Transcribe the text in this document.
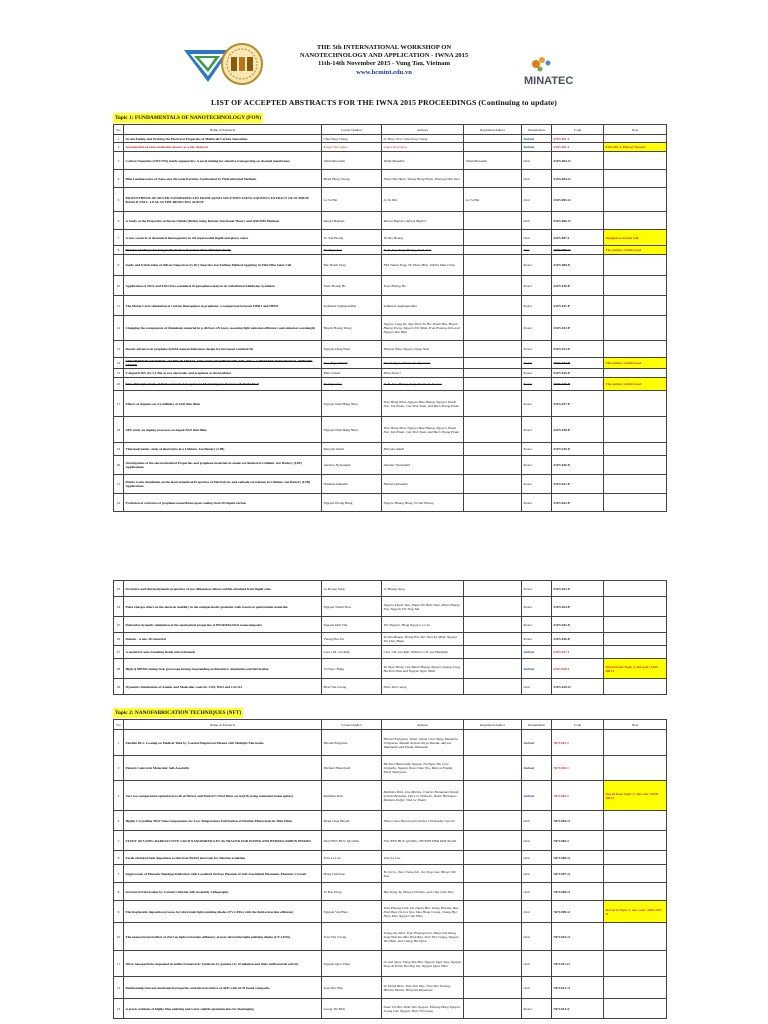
THE 5th INTERNATIONAL WORKSHOP ON
NANOTECHNOLOGY AND APPLICATION - IWNA 2015
11th-14th November 2015 - Vung Tau, Vietnam
www.hcmint.edu.vn
MINATEC
LIST OF ACCEPTED ABSTRACTS FOR THE IWNA 2015 PROCEEDINGS (Continuing to update)
Topic 1: FUNDAMENTALS OF NANOTECHNOLOGY (FON)
No	Name of Abstracts	Contact Author	Authors	Registered Author	Presentation	Code	Note
1	In situ Tuning and Probing the Electrical Properties of Multiwall Carbon Nanotubes	Chia-Seng Chang	Li-Ting Chen, Chia-Seng Chang		Invited	FON-I01-I	
2	Investigation of nano-molecular motors as a bio- detector	Seigei Stavrogine	Seigei Stavrogine		Invited	FON-I02-I	FON-I02-I, Plenary Session
3	Carbon Nanotube (SWCNTs) inside aquaporins: A novel mining for selective transporting on channel membranes	Vahid Mosadeh	Vahid Mosadeh	Vahid Mosadeh	Oral	FON-003-O	
4	Blue Luminescence of Nano-size Zirconia Particles Synthesized by Hydrothermal Methods	Pham Hung Vuong	Pham Van Hoan, Vuong Hung Pham, Phuong Dinh Tam		Oral	FON-004-O	
5	BIOSYNTHESIS OF SILVER NANOPARTICLES FROM AgNO3 SOLUTION USING AQUEOUS EXTRACT OF OCIMUM BASILICUM L. LEAF AS THE REDUCING AGENT	Le Tu Hai	Le Tu Hai	Le Tu Hai	Oral	FON-005-O	
6	A Study of the Properties of Boron Nitride (BnNn) using Density functional Theory and QM/MM Methods	Rasoul Bagheri	Rasoul Bagheri, Afrooz Bigheri		Oral	FON-006-O	
7	A new scenario of dynamical heterogeneity in 2D supercooled liquid and glassy states	Vo Van Hoang	Vo Van Hoang		Oral	FON-007-I	changed to invited talk
8	Diol-based Alkyne for Oxygen Reduction Reaction: First-Principle Study	Do Ngoc Son	D. N. Son, N. Q. Hoang, D. D. Cao		Oral	FON-008-O	The authors withdrawed
9	Study and Fabrication of Silicon Nanowires by Dry Reactive Ion Etching Method Applying in Thin Film Solar Cell	Bui Thanh Tung	BUI Thanh Tung, TU Hoan Hien, DANG Mau Chien		Poster	FON-009-P	
10	Application of TiO2 and TiO2-Dye-sensitized Organophotocatalysts in Substituted Aldehydes Synthesis	Xuan Hoang Ho	Xuan Hoang Ho		Poster	FON-010-P	
11	The Monte Carlo simulation of various fluorophore in graphene: a comparison between HER1 and HER4	Seddasan Saghapandian	Seddasan Saghapandian		Poster	FON-011-P	
12	Changing the components of Aluminum material in p-Al2Ga1-xN layer, assessing light emission efficiency and emission wavelength	Huynh Hoang Trung	Nguyen Cong Ky, Ngo Dinh Tu Hu, Thanh Hai, Huynh Hoang Trung, Nguyen Thi Minh, Tran Phuong Linh and Nguyen Van Hieu		Poster	FON-012-P	
13	Recent advances in graphene hybrid nanoarchitectures design for increased conductivity	Nguyen Dang Nam	Mahesh Yoku, Nguyen Dang Nam		Poster	FON-013-P	
14	ADSORPTION OF NITRIC OXIDE IN METAL ORGANIC FRAMEWORK MIL-88Cr: A DENSITY FUNCTIONAL THEORY STUDY	Tran Ngoc Thanh	Thanh Ngoc, Thanh, Do Ngoc Son		Poster	FON-014-P	The authors withdrawed
15	S-doped h-BN (Sc-Li, Be) as two electrodes and graphene as the insulator	Mina Zaheri	Mina Zaheri		Poster	FON-015-P	
16	First-Principle Study of NO2 and CO2 Adsorption in Metal Organic Framework Embedded	Do Ngoc Son	D. N. Son, Hoang, N. Q. Thanh, D. D. Cao		Poster	FON-016-P	The authors withdrawed
17	Effects of dopants on crystallinity of ZnO thin films	Nguyen Nam Hung Nhut	Tran Hong Nhut, Nguyen Hau Hoang, Nguyen Thanh Duc, Inh Pham, Cao Vinh Tuan, and Bach Thang Pham		Poster	FON-017-P	
18	XPS study on doping processes on doped ZnO thin films	Nguyen Nam Hung Nhut	Tran Hong Nhut, Nguyen Hau Hoang, Nguyen Thanh Duc, Inh Pham, Cao Vinh Tuan, and Bach Thang Pham		Poster	FON-018-P	
19	Thermodynamic study of electrolyte in a Lithium- Ion Battery (LIB)	Maryam Ahadi	Maryam Ahadi		Poster	FON-019-P	
20	Investigation of the electrochemical Properties and graphene materials in anode correlation in Lithium- Ion Battery (LIB) Applications	Akrobar Nyalandeh	Akrobar Nyalandeh		Poster	FON-020-P	
21	Monte Carlo simulation on the electrochemical Properties of Electrolytes and cathode correlation in Lithium- Ion Battery (LIB) Applications	Hashem Ahmadin	Hashem Ahmadin		Poster	FON-021-P	
22	Evolution of structure of graphene nanoribbon upon cooling from 2D liquid carbon	Nguyen Hoang Hung	Nguyen Hoang Hung, Vo Van Hoang		Poster	FON-022-P	
23	Structure and thermodynamic properties of two dimension silicon carbide obtained from liquid state	Le Hoang Sang	Le Hoang Sang		Poster	FON-023-P	
24	Pulse charges effect on the electron mobility in the semiparabolic quantum wells based on polarization materials	Nguyen Thanh Tien	Nguyen Thanh Tien, Pham Thi Bich Thao, Pham Hoang Duy, Nguyen Thi Thuy Mo		Poster	FON-024-P	
25	Molecular dynamic simulation of the mechanical properties of PEGDMA/SiO2 nanocomposite	Nguyen Kim Thu	Thu Nguyen, Hung Nguyen, Lo Lo		Poster	FON-025-P	
26	Siniene - A new 2D material	Vuong Phu Tai	Vo Van Hoang, Vuong Phu Tai, Tran Ky Minh, Nguyen Thi Thuy Hang		Poster	FON-026-P	
27	A model for auto-breaking inside microchannels	Cees J.M. van Rijn	Cees J.M. van Rijn, William G.N. van Hooijdon		Invited	FON-027-I	
28	High Q MEMS tuning fork gyroscope having freestanding architecture: simulation and fabrication	Vu Ngoc Hung	Vu Ngoc Hung, Chu Manh Hoang, Nguyen Quang Long, Ha Sinh Nhat and Nguyen Ngoc Minh		Invited	FON-028-I	Moved from Topic 4, old code: AMS-I001-I
29	Dynamics Simulations of Atomic and Molecular scale for CO2, H2O and CaCO3	Phan Van Cuong	Phan Van Cuong		Oral	FON-029-O	
Topic 2: NANOFABRICATION TECHNIQUES (NFT)
No	Name of Abstracts	Contact Author	Authors	Registered Author	Presentation	Code	Note
1	Flexible DLC Coating on Medical Tube by Coaxial Magnetron Plasma with Multiple Electrodes	Hiroshi Fujiyama	Hiroshi Fujiyama, Jason, Shima Chan Yang, Masahiro Uchiyama, Masaki Nemoto Ikeya Yasuda, Akiyosi Takamatsu and Eisuke Watanabe		Invited	NFT-001-I	
2	Pattern Control in Molecular Self-Assembly	Michael Hietschold	Michael Hietschold, Nguyen Thi Ngoc Ha, Lars Smykalla, Nguyen Tuan Chau Thu, Marcus Fouder, Pavel Shukrynau		Invited	NFT-002-I	
3	Very low-temperature epitaxial growth of MoSe2 and MoSe2/Cr2Se3 films on Ge(111) using molecular beam epitaxy	Matthieu Petit	Matthieu Petit, Lisa Michez, Charles Emmanuel Dutoit, Sylvain Bertaina, Vince O. Dolocan, Vasile Heresanu, Mathieu Stoffel, Vinh Le Thanh		Invited	NFT-003-I	moved from Topic 5, old code: NMD-I003-I
4	Highly Crystalline TiO2 Nano-Suspensions for Low-Temperature Fabrication of Flexible Photocatalytic Thin Films	Pham Chau Huynh	Pham Chau Huynh and Charles Christopher Sorrell		Oral	NFT-004-O	
5	STUDY OF USING RADIOACTIVE GOLD NANOPARTICLES AS TRACER FOR WATER AND HYDROCARBON PHASES	NGUYEN HUU QUANG	NGUYEN HUU QUANG, HUYNH THAI KIM NGAN		Oral	NFT-005-I	
6	Facile chemical bath deposition to fabricate BaTiO electrode for chlorine evolution	Tran Le Luu	Tran Le Luu		Oral	NFT-006-O	
7	Suppression of Photonic Bandgap Reflection with Localized Surface Plasmon in Self-Assembled Plasmonic-Photonic Crystals	Hong Chih Kuo	Yi-Ju Liu, Jhen Chong Lin, Jun Ting Gao, Hong Chih Kuo		Oral	NFT-007-O	
8	Structural Fabrication by Cesium Chloride Self-Assembly Lithography	Ta Bao Dong	Bao Dong Ta, Hung-Chih Kan, and Chia Chen Hsu		Oral	NFT-008-O	
9	Electrophoretic deposition process for ultraviolet light emitting diodes (UV-LEDs) with the field extraction efficiency	Nguyen Van Hieu	Tran Phuong Linh, Do Thanh Hai, Vuong Huk Ka, Bao Dinh Bao, Do Lev Xeu, Dao Hung Cuong, Chang Hye Hyun Kim, Nguyen Van Hieu		Oral	NFT-009-O	moved to Topic 4, new code: AMS-O07-O
10	The nanostructural effect of ZnO on light extraction efficiency of near ultraviolet light emitting diodes (UV-LEDs)	Tran Viet Cuong	Seung-Jae Park, Tran Phuong Linh, Hwan Soh Kang, Sung Wok Ko, Bao Dinh Bao, Tran Viet Cuong, Nguyen Van Hieu, and Chang Hie Hyun		Oral	NFT-010-O	
11	Silver nanoparticles deposited in zeolite framework: Synthesis by gamma ray irradiation and their antibacterial activity	Nguyen Quoc Hien	Le Anh Quoc, Dang Van Phu, Nguyen Ngoc Duy, Nguyen Thuy Ai Trinh, Bui Duy Du, Nguyen Quoc Hien		Oral	NFT-011-O	
12	Relationship between mechanical properties and microstructure of AFD with Al-Ti based composite	Tran Duc Huy	To Thanh Binh, Tran Duc Huy, Tran Viet Thuong, Hiroshi Nisuno, Hiroyuki Miyamoto		Oral	NFT-012-O	
13	A green synthesis of highly blue emitting and water-soluble quantum dots for bioimaging	Luong Thi Bich	Doan Thi Bei, Dinh Tien Nguyen, Phuong Hong Nguyen, Luong Lien Nguyen, Bich Thi Luong		Poster	NFT-013-P	
